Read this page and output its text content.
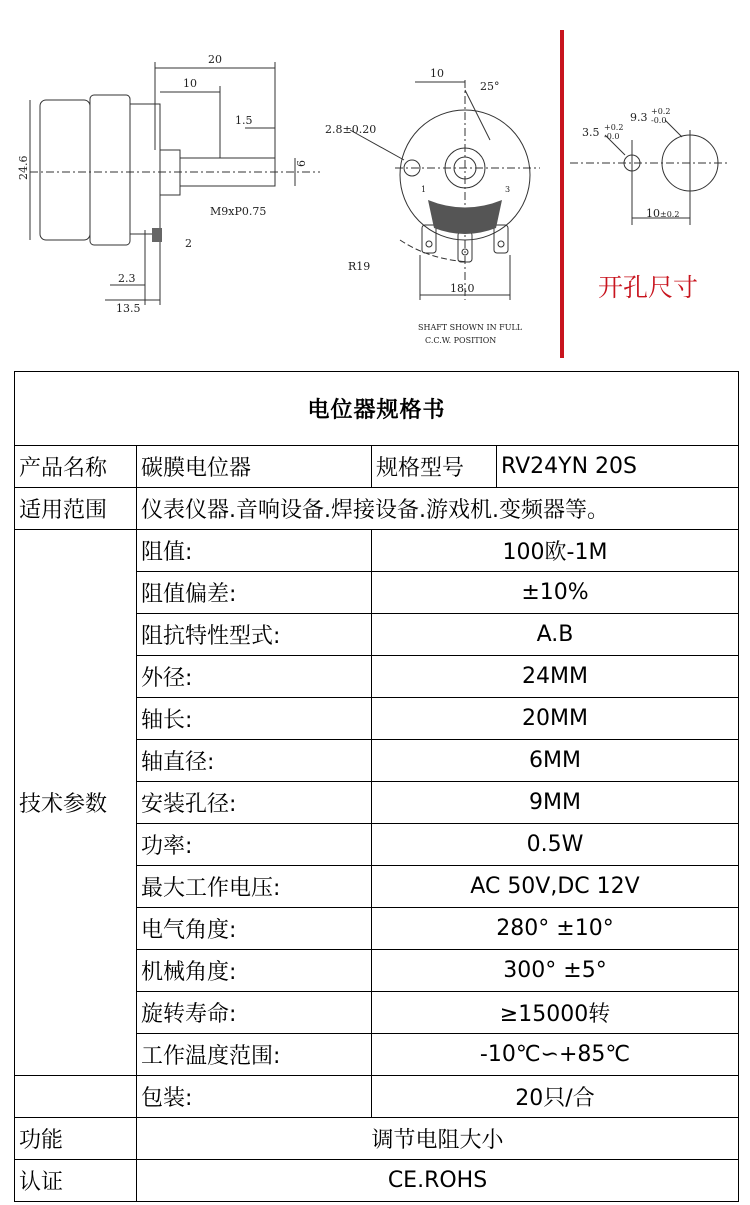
20
10
1.5
24.6	6
M9xP0.75
2
2.3
13.5
10
25°
2.8±0.20
R19
18.0
SHAFT SHOWN IN FULL
C.C.W. POSITION
1	3
3.5 +0.2
-0.0
9.3 +0.2
-0.0
10 ±0.2
开孔尺寸
电位器规格书			
产品名称	碳膜电位器	规格型号	RV24YN 20S
适用范围	仪表仪器.音响设备.焊接设备.游戏机.变频器等。		
技术参数	阻值:	100欧-1M	
	阻值偏差:	±10%	
	阻抗特性型式:	A.B	
	外径:	24MM	
	轴长:	20MM	
	轴直径:	6MM	
	安装孔径:	9MM	
	功率:	0.5W	
	最大工作电压:	AC 50V,DC 12V	
	电气角度:	280° ±10°	
	机械角度:	300° ±5°	
	旋转寿命:	≥15000转	
	工作温度范围:	-10℃∽+85℃	
	包装:	20只/合	
功能	调节电阻大小		
认证	CE.ROHS		
